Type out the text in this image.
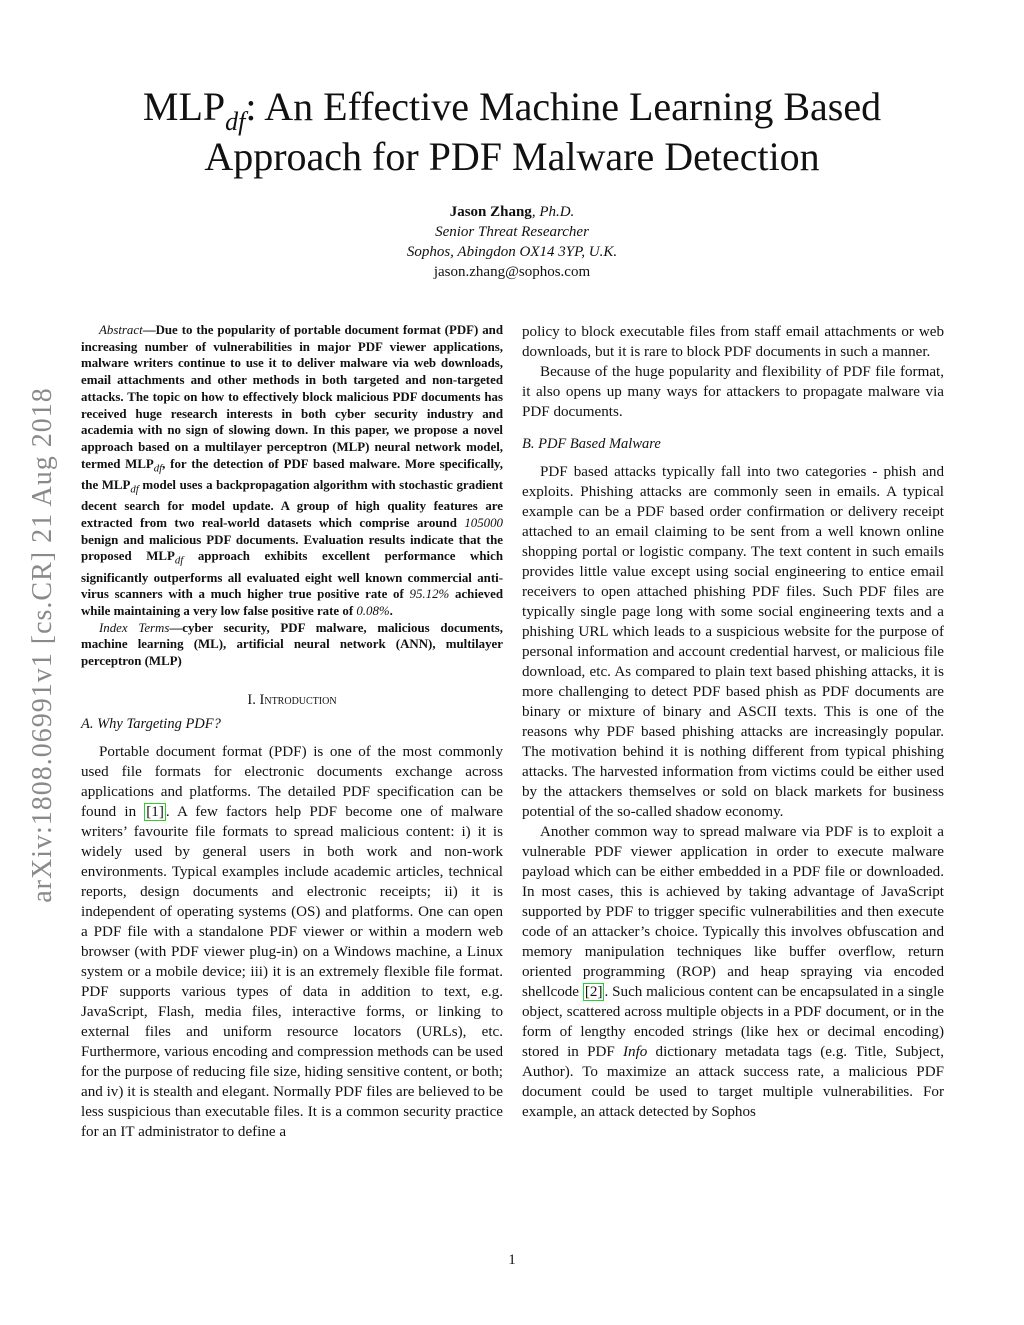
arXiv:1808.06991v1 [cs.CR] 21 Aug 2018
$MLP_{df}$: An Effective Machine Learning Based
Approach for PDF Malware Detection
Jason Zhang, Ph.D.
Senior Threat Researcher
Sophos, Abingdon OX14 3YP, U.K.
jason.zhang@sophos.com

Abstract—Due to the popularity of portable document format (PDF) and increasing number of vulnerabilities in major PDF viewer applications, malware writers continue to use it to deliver malware via web downloads, email attachments and other methods in both targeted and non-targeted attacks. The topic on how to effectively block malicious PDF documents has received huge research interests in both cyber security industry and academia with no sign of slowing down. In this paper, we propose a novel approach based on a multilayer perceptron (MLP) neural network model, termed $MLP_{df}$, for the detection of PDF based malware. More specifically, the $MLP_{df}$ model uses a backpropagation algorithm with stochastic gradient decent search for model update. A group of high quality features are extracted from two real-world datasets which comprise around 105000 benign and malicious PDF documents. Evaluation results indicate that the proposed $MLP_{df}$ approach exhibits excellent performance which significantly outperforms all evaluated eight well known commercial anti-virus scanners with a much higher true positive rate of 95.12% achieved while maintaining a very low false positive rate of 0.08%.

Index Terms—cyber security, PDF malware, malicious documents, machine learning (ML), artificial neural network (ANN), multilayer perceptron (MLP)

I. Introduction
A. Why Targeting PDF?

Portable document format (PDF) is one of the most commonly used file formats for electronic documents exchange across applications and platforms. The detailed PDF specification can be found in [1] . A few factors help PDF become one of malware writers’ favourite file formats to spread malicious content: i) it is widely used by general users in both work and non-work environments. Typical examples include academic articles, technical reports, design documents and electronic receipts; ii) it is independent of operating systems (OS) and platforms. One can open a PDF file with a standalone PDF viewer or within a modern web browser (with PDF viewer plug-in) on a Windows machine, a Linux system or a mobile device; iii) it is an extremely flexible file format. PDF supports various types of data in addition to text, e.g. JavaScript, Flash, media files, interactive forms, or linking to external files and uniform resource locators (URLs), etc. Furthermore, various encoding and compression methods can be used for the purpose of reducing file size, hiding sensitive content, or both; and iv) it is stealth and elegant. Normally PDF files are believed to be less suspicious than executable files. It is a common security practice for an IT administrator to define a

policy to block executable files from staff email attachments or web downloads, but it is rare to block PDF documents in such a manner.

Because of the huge popularity and flexibility of PDF file format, it also opens up many ways for attackers to propagate malware via PDF documents.

B. PDF Based Malware

PDF based attacks typically fall into two categories - phish and exploits. Phishing attacks are commonly seen in emails. A typical example can be a PDF based order confirmation or delivery receipt attached to an email claiming to be sent from a well known online shopping portal or logistic company. The text content in such emails provides little value except using social engineering to entice email receivers to open attached phishing PDF files. Such PDF files are typically single page long with some social engineering texts and a phishing URL which leads to a suspicious website for the purpose of personal information and account credential harvest, or malicious file download, etc. As compared to plain text based phishing attacks, it is more challenging to detect PDF based phish as PDF documents are binary or mixture of binary and ASCII texts. This is one of the reasons why PDF based phishing attacks are increasingly popular. The motivation behind it is nothing different from typical phishing attacks. The harvested information from victims could be either used by the attackers themselves or sold on black markets for business potential of the so-called shadow economy.

Another common way to spread malware via PDF is to exploit a vulnerable PDF viewer application in order to execute malware payload which can be either embedded in a PDF file or downloaded. In most cases, this is achieved by taking advantage of JavaScript supported by PDF to trigger specific vulnerabilities and then execute code of an attacker’s choice. Typically this involves obfuscation and memory manipulation techniques like buffer overflow, return oriented programming (ROP) and heap spraying via encoded shellcode [2] . Such malicious content can be encapsulated in a single object, scattered across multiple objects in a PDF document, or in the form of lengthy encoded strings (like hex or decimal encoding) stored in PDF Info dictionary metadata tags (e.g. Title, Subject, Author). To maximize an attack success rate, a malicious PDF document could be used to target multiple vulnerabilities. For example, an attack detected by Sophos

1
